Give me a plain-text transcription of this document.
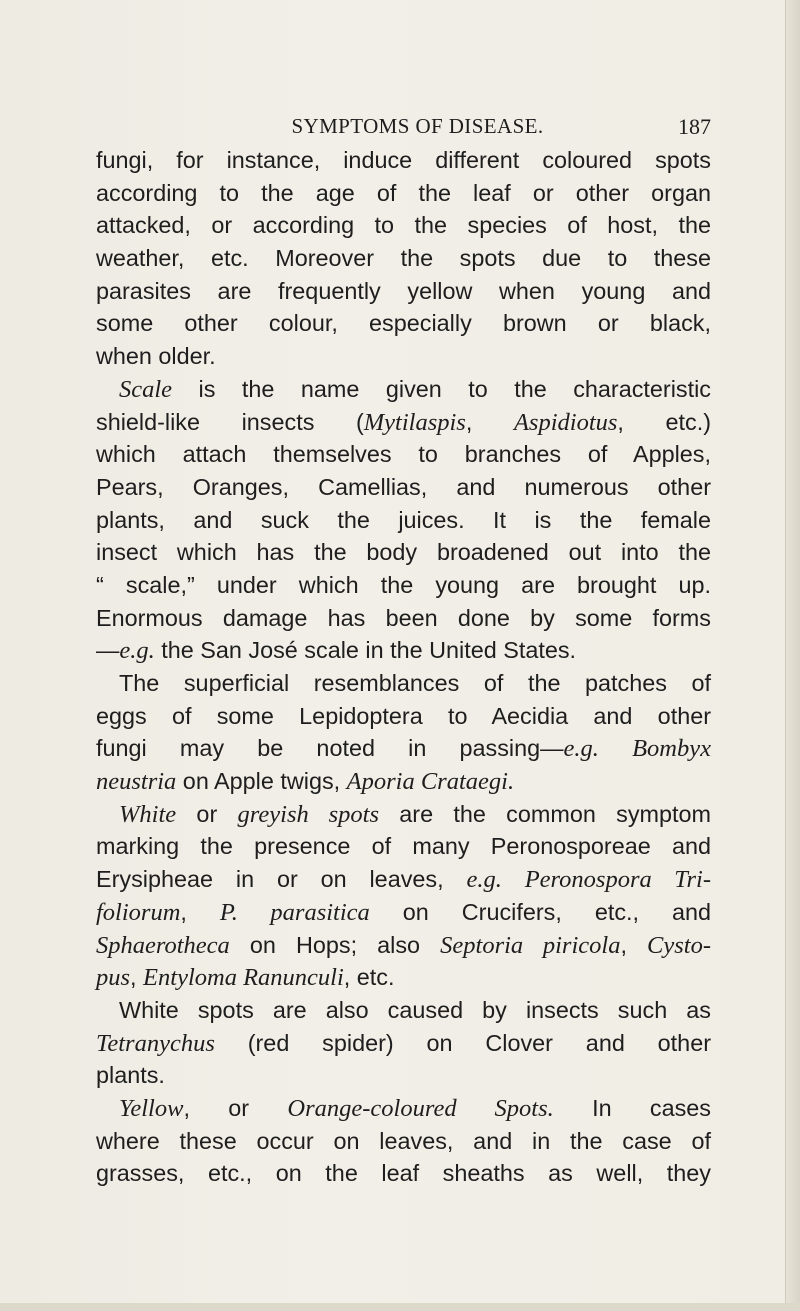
SYMPTOMS OF DISEASE.	187
fungi, for instance, induce different coloured spots
according to the age of the leaf or other organ
attacked, or according to the species of host, the
weather, etc. Moreover the spots due to these
parasites are frequently yellow when young and
some other colour, especially brown or black,
when older.
Scale is the name given to the characteristic
shield-like insects (Mytilaspis, Aspidiotus, etc.)
which attach themselves to branches of Apples,
Pears, Oranges, Camellias, and numerous other
plants, and suck the juices. It is the female
insect which has the body broadened out into the
“ scale,” under which the young are brought up.
Enormous damage has been done by some forms
—e.g. the San José scale in the United States.
The superficial resemblances of the patches of
eggs of some Lepidoptera to Aecidia and other
fungi may be noted in passing—e.g. Bombyx
neustria on Apple twigs, Aporia Crataegi.
White or greyish spots are the common symptom
marking the presence of many Peronosporeae and
Erysipheae in or on leaves, e.g. Peronospora Tri-
foliorum, P. parasitica on Crucifers, etc., and
Sphaerotheca on Hops; also Septoria piricola, Cysto-
pus, Entyloma Ranunculi, etc.
White spots are also caused by insects such as
Tetranychus (red spider) on Clover and other
plants.
Yellow, or Orange-coloured Spots. In cases
where these occur on leaves, and in the case of
grasses, etc., on the leaf sheaths as well, they
